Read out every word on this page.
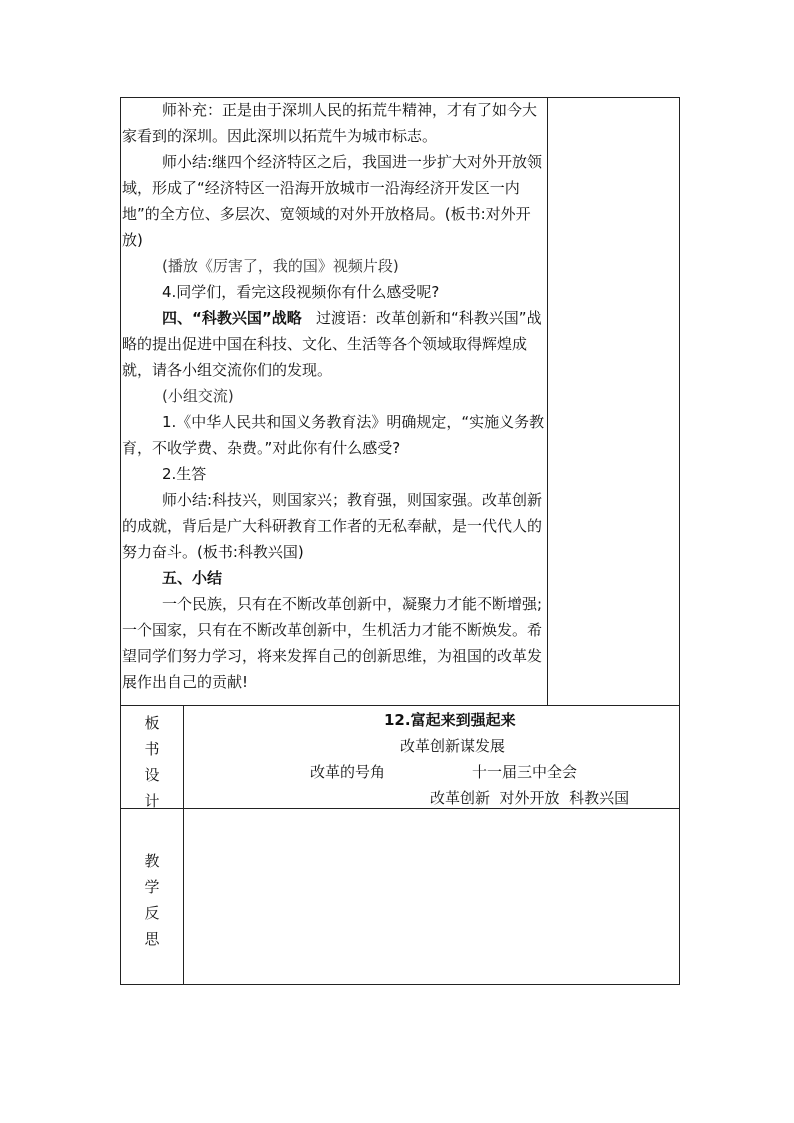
师补充：正是由于深圳人民的拓荒牛精神，才有了如今大家看到的深圳。因此深圳以拓荒牛为城市标志。

师小结:继四个经济特区之后，我国进一步扩大对外开放领域，形成了“经济特区一沿海开放城市一沿海经济开发区一内地”的全方位、多层次、宽领域的对外开放格局。(板书:对外开放)

(播放《厉害了，我的国》视频片段)

4.同学们，看完这段视频你有什么感受呢?

四、“科教兴国”战略 过渡语：改革创新和“科教兴国”战略的提出促进中国在科技、文化、生活等各个领域取得辉煌成就，请各小组交流你们的发现。

(小组交流)

1.《中华人民共和国义务教育法》明确规定，“实施义务教育，不收学费、杂费。”对此你有什么感受?

2.生答

师小结:科技兴，则国家兴；教育强，则国家强。改革创新的成就，背后是广大科研教育工作者的无私奉献，是一代代人的努力奋斗。(板书:科教兴国)

五、小结

一个民族，只有在不断改革创新中，凝聚力才能不断增强;一个国家，只有在不断改革创新中，生机活力才能不断焕发。希望同学们努力学习，将来发挥自己的创新思维，为祖国的改革发展作出自己的贡献!

板
书
设
计
12.富起来到强起来
改革创新谋发展
改革的号角	十一届三中全会
改革创新  对外开放  科教兴国
教
学
反
思
